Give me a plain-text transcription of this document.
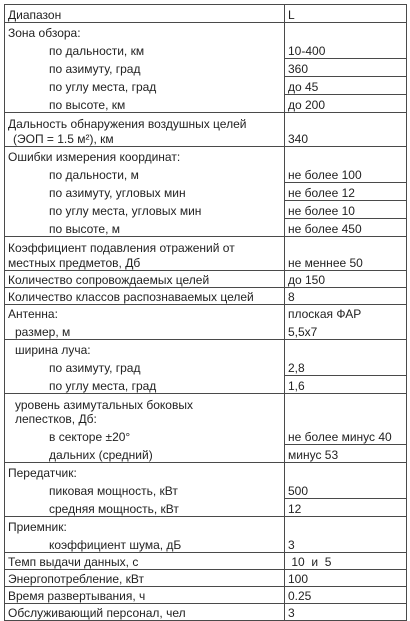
Диапазон	L
Зона обзора:	
по дальности, км	10-400
по азимуту, град	360
по углу места, град	до 45
по высоте, км	до 200

Дальность обнаружения воздушных целей
(ЭОП = 1.5 м²), км	340
Ошибки измерения координат:	
по дальности, м	не более 100
по азимуту, угловых мин	не более 12
по углу места, угловых мин	не более 10
по высоте, м	не более 450

Коэффициент подавления отражений от
местных предметов, Дб	не меннее 50
Количество сопровождаемых целей	до 150
Количество классов распознаваемых целей	8
Антенна:	плоская ФАР
размер, м	5,5x7
ширина луча:	
по азимуту, град	2,8
по углу места, град	1,6

уровень азимутальных боковых
лепестков, Дб:	

в секторе ±20°	не более минус 40
дальних (средний)	минус 53
Передатчик:	
пиковая мощность, кВт	500
средняя мощность, кВт	12
Приемник:	
коэффициент шума, дБ	3
Темп выдачи данных, с	10  и  5
Энергопотребление, кВт	100
Время развертывания, ч	0.25
Обслуживающий персонал, чел	3
